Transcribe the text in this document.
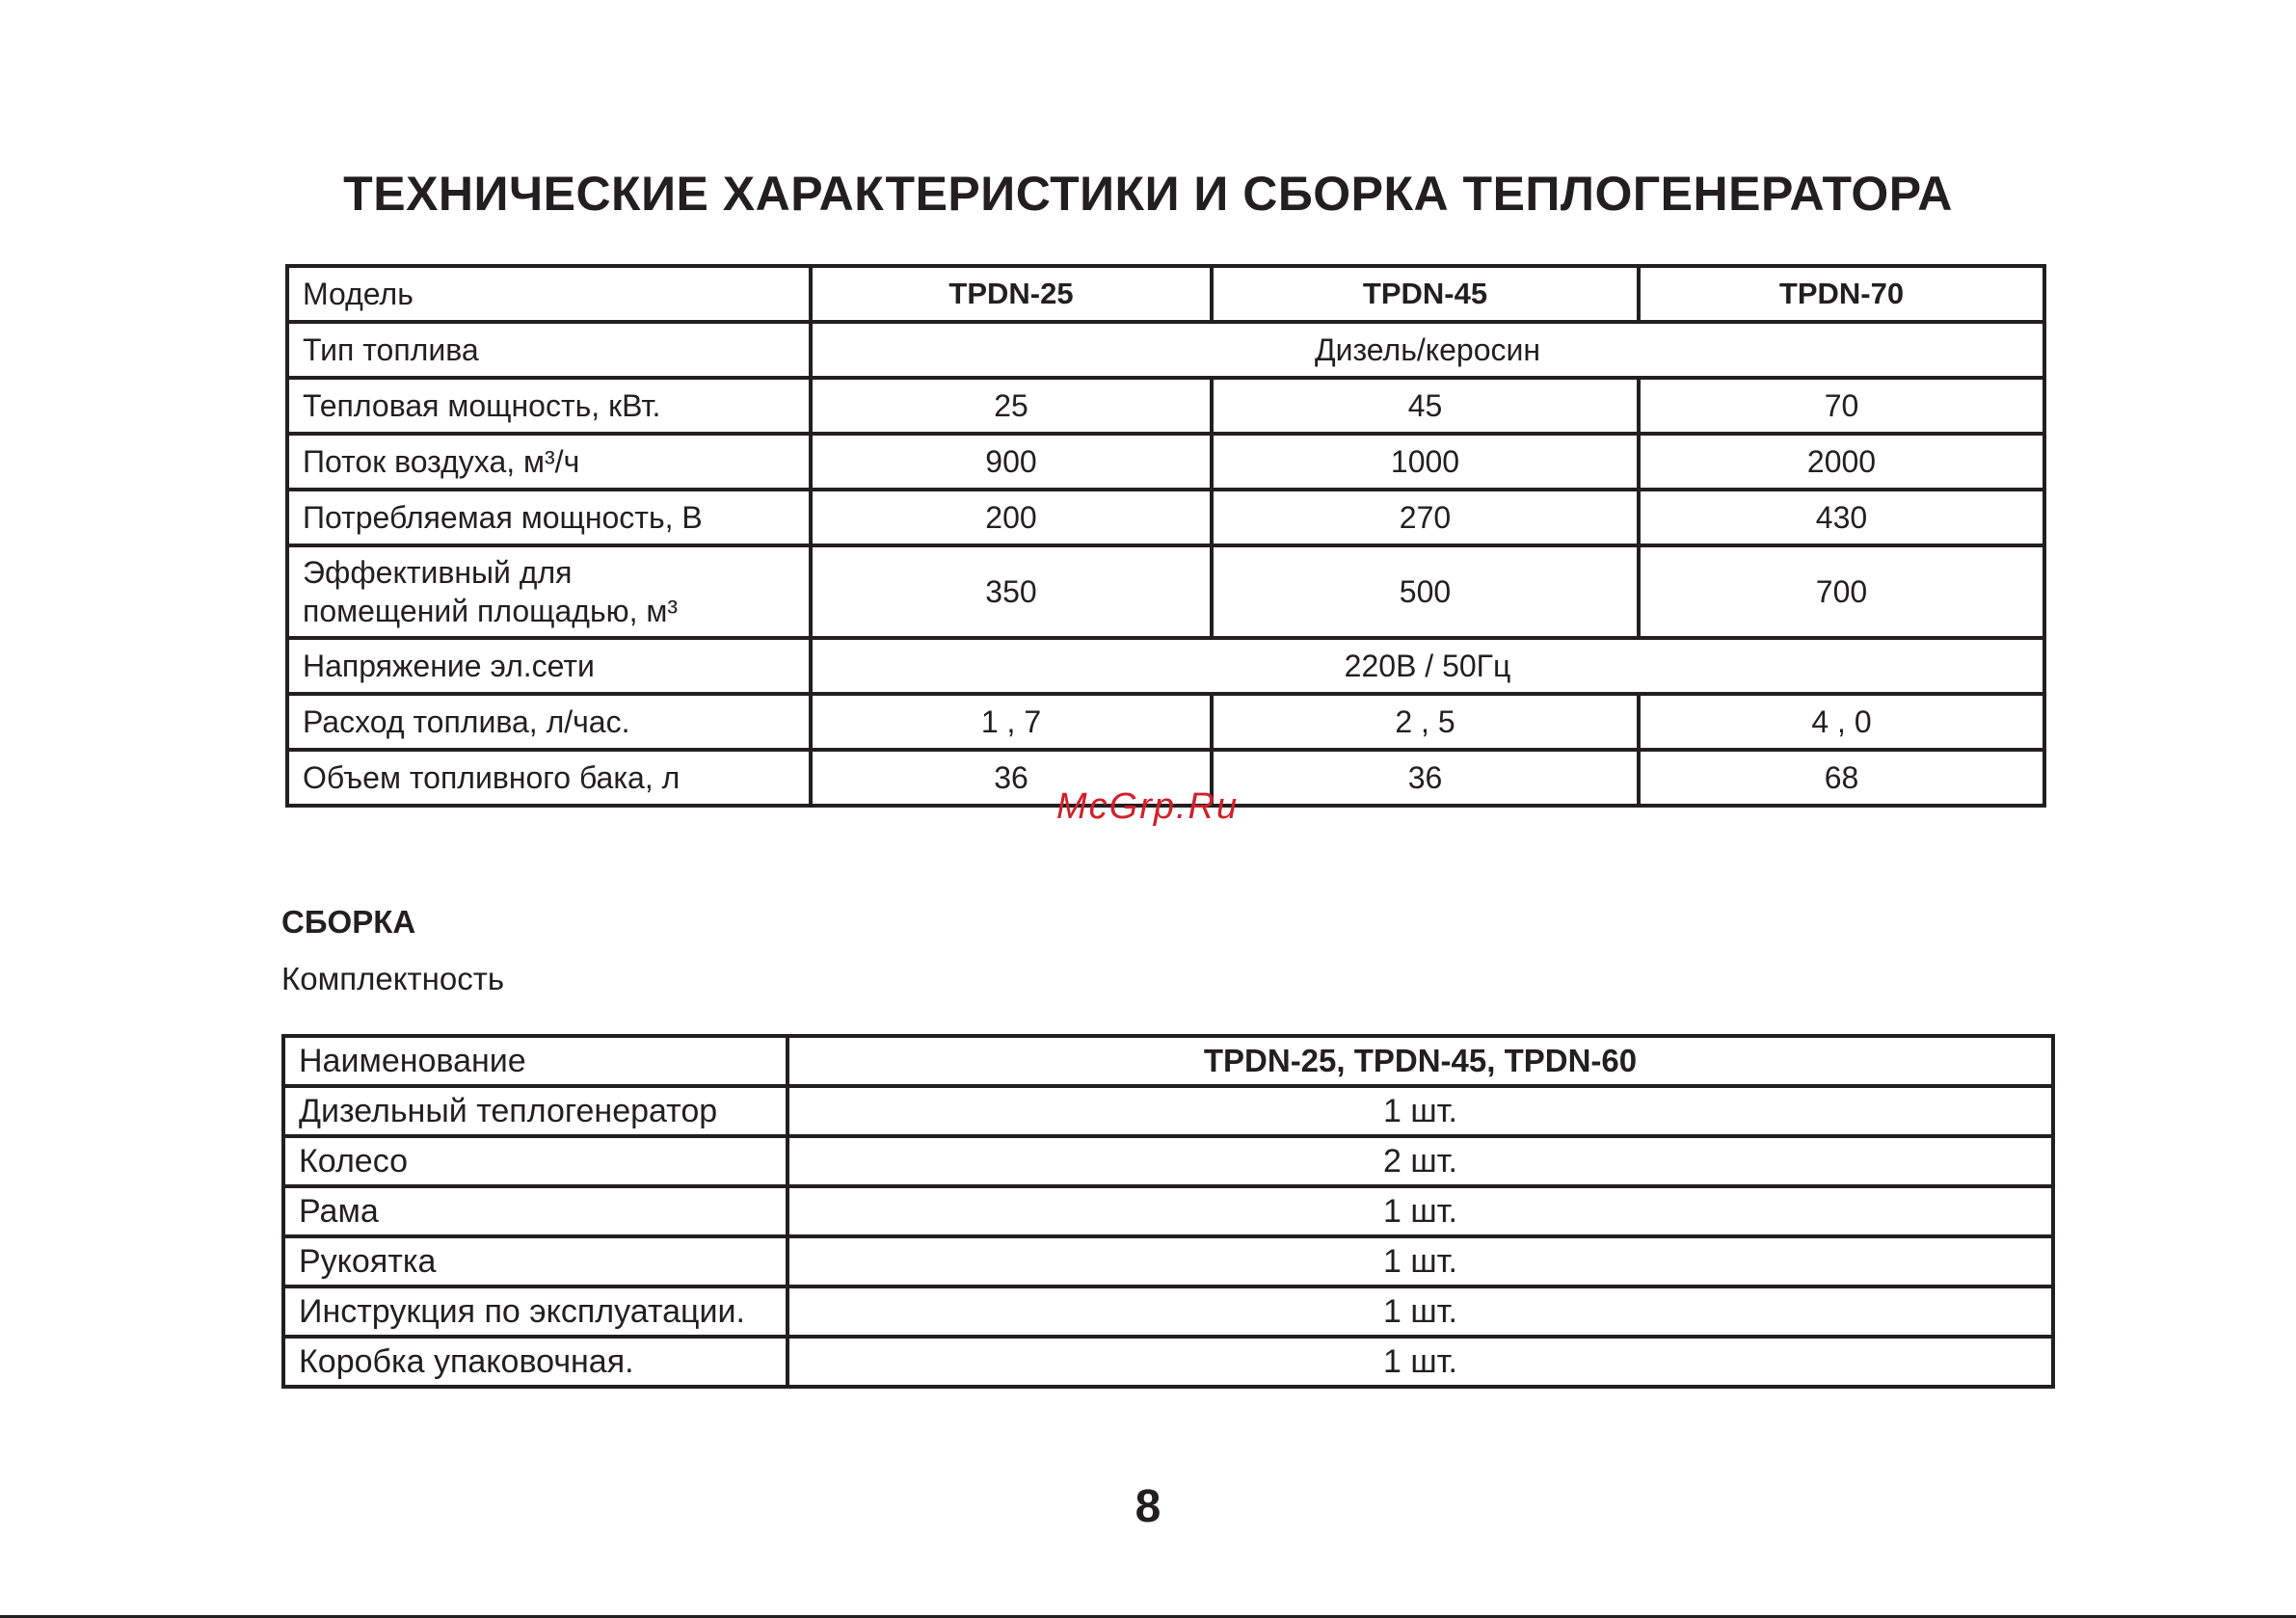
ТЕХНИЧЕСКИЕ ХАРАКТЕРИСТИКИ И СБОРКА ТЕПЛОГЕНЕРАТОРА
Модель	TPDN-25	TPDN-45	TPDN-70
Тип топлива	Дизель/керосин		
Тепловая мощность, кВт.	25	45	70
Поток воздуха, м³/ч	900	1000	2000
Потребляемая мощность, В	200	270	430

Эффективный для
помещений площадью, м³	350	500	700
Напряжение эл.сети	220В / 50Гц		
Расход топлива, л/час.	1 , 7	2 , 5	4 , 0
Объем топливного бака, л	36	36	68
McGrp.Ru
СБОРКА
Комплектность
Наименование	TPDN-25, TPDN-45, TPDN-60
Дизельный теплогенератор	1 шт.
Колесо	2 шт.
Рама	1 шт.
Рукоятка	1 шт.
Инструкция по эксплуатации.	1 шт.
Коробка упаковочная.	1 шт.
8
